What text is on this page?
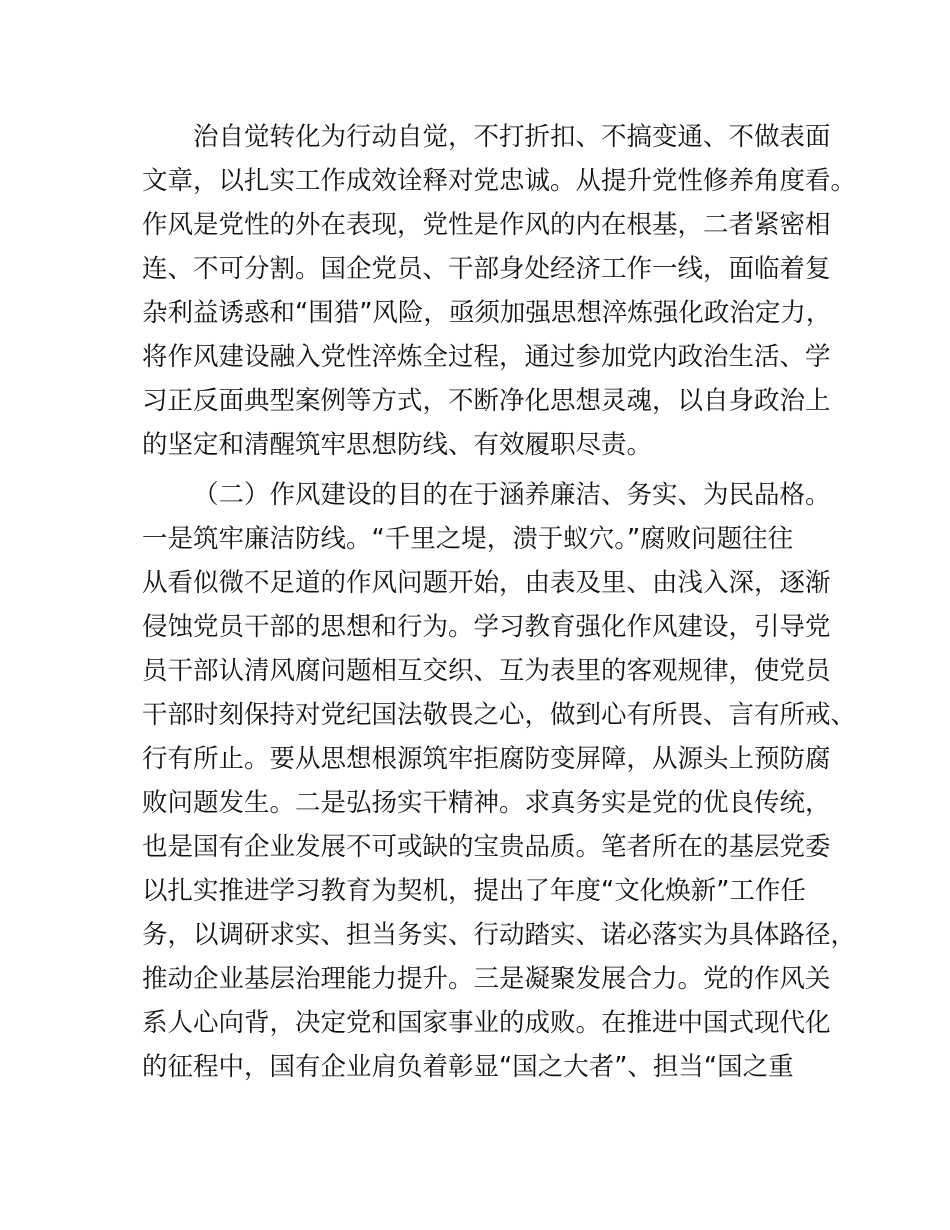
治自觉转化为行动自觉，不打折扣、不搞变通、不做表面
文章，以扎实工作成效诠释对党忠诚。从提升党性修养角度看。
作风是党性的外在表现，党性是作风的内在根基，二者紧密相
连、不可分割。国企党员、干部身处经济工作一线，面临着复
杂利益诱惑和“围猎”风险，亟须加强思想淬炼强化政治定力，
将作风建设融入党性淬炼全过程，通过参加党内政治生活、学
习正反面典型案例等方式，不断净化思想灵魂，以自身政治上
的坚定和清醒筑牢思想防线、有效履职尽责。
（二）作风建设的目的在于涵养廉洁、务实、为民品格。
一是筑牢廉洁防线。“千里之堤，溃于蚁穴。”腐败问题往往
从看似微不足道的作风问题开始，由表及里、由浅入深，逐渐
侵蚀党员干部的思想和行为。学习教育强化作风建设，引导党
员干部认清风腐问题相互交织、互为表里的客观规律，使党员
干部时刻保持对党纪国法敬畏之心，做到心有所畏、言有所戒、
行有所止。要从思想根源筑牢拒腐防变屏障，从源头上预防腐
败问题发生。二是弘扬实干精神。求真务实是党的优良传统，
也是国有企业发展不可或缺的宝贵品质。笔者所在的基层党委
以扎实推进学习教育为契机，提出了年度“文化焕新”工作任
务，以调研求实、担当务实、行动踏实、诺必落实为具体路径，
推动企业基层治理能力提升。三是凝聚发展合力。党的作风关
系人心向背，决定党和国家事业的成败。在推进中国式现代化
的征程中，国有企业肩负着彰显“国之大者”、担当“国之重
